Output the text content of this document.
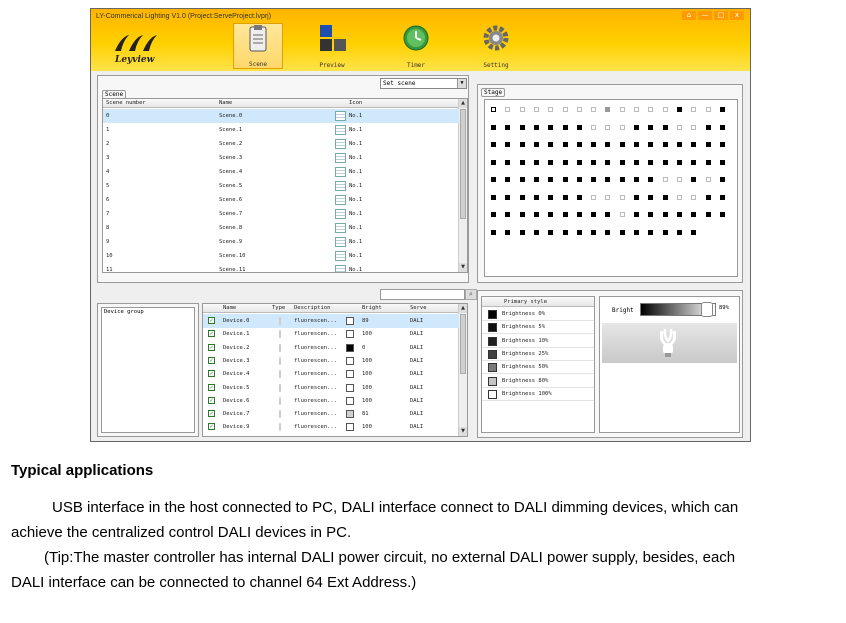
LY-Commerical Lighting V1.0 (Project:ServeProject.lvprj)	⌂	—	□	x
Leyview	Scene	Preview	Timer	Setting
Set scene	▼
Scene
Scene number	Name	Icon	▲
▼
0	Scene.0	No.1
1	Scene.1	No.1
2	Scene.2	No.1
3	Scene.3	No.1
4	Scene.4	No.1
5	Scene.5	No.1
6	Scene.6	No.1
7	Scene.7	No.1
8	Scene.8	No.1
9	Scene.9	No.1
10	Scene.10	No.1
11	Scene.11	No.1
Stage
⌕
Device group
Name	Type Description	Bright	Serve	▲
▼
✓	Device.0	fluorescen...	89	DALI
✓	Device.1	fluorescen...	100	DALI
✓	Device.2	fluorescen...	0	DALI
✓	Device.3	fluorescen...	100	DALI
✓	Device.4	fluorescen...	100	DALI
✓	Device.5	fluorescen...	100	DALI
✓	Device.6	fluorescen...	100	DALI
✓	Device.7	fluorescen...	81	DALI
✓	Device.9	fluorescen...	100	DALI
Primary style
Brightness 0%
Brightness 5%
Brightness 10%
Brightness 25%
Brightness 50%
Brightness 80%
Brightness 100%
Bright	89%
Typical applications
USB interface in the host connected to PC, DALI interface connect to DALI dimming devices, which can
achieve the centralized control DALI devices in PC.
(Tip:The master controller has internal DALI power circuit, no external DALI power supply, besides, each
DALI interface can be connected to channel 64 Ext Address.)
